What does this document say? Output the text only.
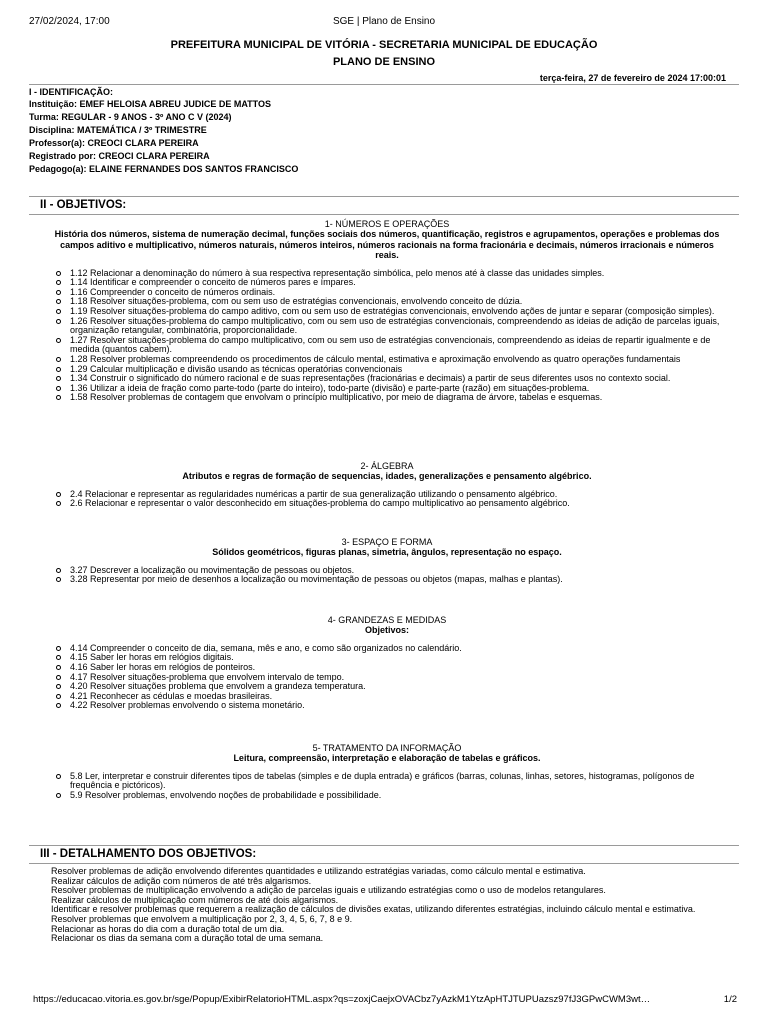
27/02/2024, 17:00	SGE | Plano de Ensino
PREFEITURA MUNICIPAL DE VITÓRIA - SECRETARIA MUNICIPAL DE EDUCAÇÃO
PLANO DE ENSINO
terça-feira, 27 de fevereiro de 2024 17:00:01
I - IDENTIFICAÇÃO:
Instituição: EMEF HELOISA ABREU JUDICE DE MATTOS
Turma: REGULAR - 9 ANOS - 3º ANO C V (2024)
Disciplina: MATEMÁTICA / 3º TRIMESTRE
Professor(a): CREOCI CLARA PEREIRA
Registrado por: CREOCI CLARA PEREIRA
Pedagogo(a): ELAINE FERNANDES DOS SANTOS FRANCISCO
II - OBJETIVOS:
1- NÚMEROS E OPERAÇÕES
História dos números, sistema de numeração decimal, funções sociais dos números, quantificação, registros e agrupamentos, operações e problemas dos campos aditivo e multiplicativo, números naturais, números inteiros, números racionais na forma fracionária e decimais, números irracionais e números reais.
1.12 Relacionar a denominação do número à sua respectiva representação simbólica, pelo menos até à classe das unidades simples.
1.14 Identificar e compreender o conceito de números pares e ímpares.
1.16 Compreender o conceito de números ordinais.
1.18 Resolver situações-problema, com ou sem uso de estratégias convencionais, envolvendo conceito de dúzia.
1.19 Resolver situações-problema do campo aditivo, com ou sem uso de estratégias convencionais, envolvendo ações de juntar e separar (composição simples).
1.26 Resolver situações-problema do campo multiplicativo, com ou sem uso de estratégias convencionais, compreendendo as ideias de adição de parcelas iguais, organização retangular, combinatória, proporcionalidade.
1.27 Resolver situações-problema do campo multiplicativo, com ou sem uso de estratégias convencionais, compreendendo as ideias de repartir igualmente e de medida (quantos cabem).
1.28 Resolver problemas compreendendo os procedimentos de cálculo mental, estimativa e aproximação envolvendo as quatro operações fundamentais
1.29 Calcular multiplicação e divisão usando as técnicas operatórias convencionais
1.34 Construir o significado do número racional e de suas representações (fracionárias e decimais) a partir de seus diferentes usos no contexto social.
1.36 Utilizar a ideia de fração como parte-todo (parte do inteiro), todo-parte (divisão) e parte-parte (razão) em situações-problema.
1.58 Resolver problemas de contagem que envolvam o princípio multiplicativo, por meio de diagrama de árvore, tabelas e esquemas.
2- ÁLGEBRA
Atributos e regras de formação de sequencias, idades, generalizações e pensamento algébrico.
2.4 Relacionar e representar as regularidades numéricas a partir de sua generalização utilizando o pensamento algébrico.
2.6 Relacionar e representar o valor desconhecido em situações-problema do campo multiplicativo ao pensamento algébrico.
3- ESPAÇO E FORMA
Sólidos geométricos, figuras planas, simetria, ângulos, representação no espaço.
3.27 Descrever a localização ou movimentação de pessoas ou objetos.
3.28 Representar por meio de desenhos a localização ou movimentação de pessoas ou objetos (mapas, malhas e plantas).
4- GRANDEZAS E MEDIDAS
Objetivos:
4.14 Compreender o conceito de dia, semana, mês e ano, e como são organizados no calendário.
4.15 Saber ler horas em relógios digitais.
4.16 Saber ler horas em relógios de ponteiros.
4.17 Resolver situações-problema que envolvem intervalo de tempo.
4.20 Resolver situações problema que envolvem a grandeza temperatura.
4.21 Reconhecer as cédulas e moedas brasileiras.
4.22 Resolver problemas envolvendo o sistema monetário.
5- TRATAMENTO DA INFORMAÇÃO
Leitura, compreensão, interpretação e elaboração de tabelas e gráficos.
5.8 Ler, interpretar e construir diferentes tipos de tabelas (simples e de dupla entrada) e gráficos (barras, colunas, linhas, setores, histogramas, polígonos de frequência e pictóricos).
5.9 Resolver problemas, envolvendo noções de probabilidade e possibilidade.
III - DETALHAMENTO DOS OBJETIVOS:

Resolver problemas de adição envolvendo diferentes quantidades e utilizando estratégias variadas, como cálculo mental e estimativa.

Realizar cálculos de adição com números de até três algarismos.

Resolver problemas de multiplicação envolvendo a adição de parcelas iguais e utilizando estratégias como o uso de modelos retangulares.

Realizar cálculos de multiplicação com números de até dois algarismos.

Identificar e resolver problemas que requerem a realização de cálculos de divisões exatas, utilizando diferentes estratégias, incluindo cálculo mental e estimativa.

Resolver problemas que envolvem a multiplicação por 2, 3, 4, 5, 6, 7, 8 e 9.

Relacionar as horas do dia com a duração total de um dia.

Relacionar os dias da semana com a duração total de uma semana.

https://educacao.vitoria.es.gov.br/sge/Popup/ExibirRelatorioHTML.aspx?qs=zoxjCaejxOVACbz7yAzkM1YtzApHTJTUPUazsz97fJ3GPwCWM3wt…	1/2
